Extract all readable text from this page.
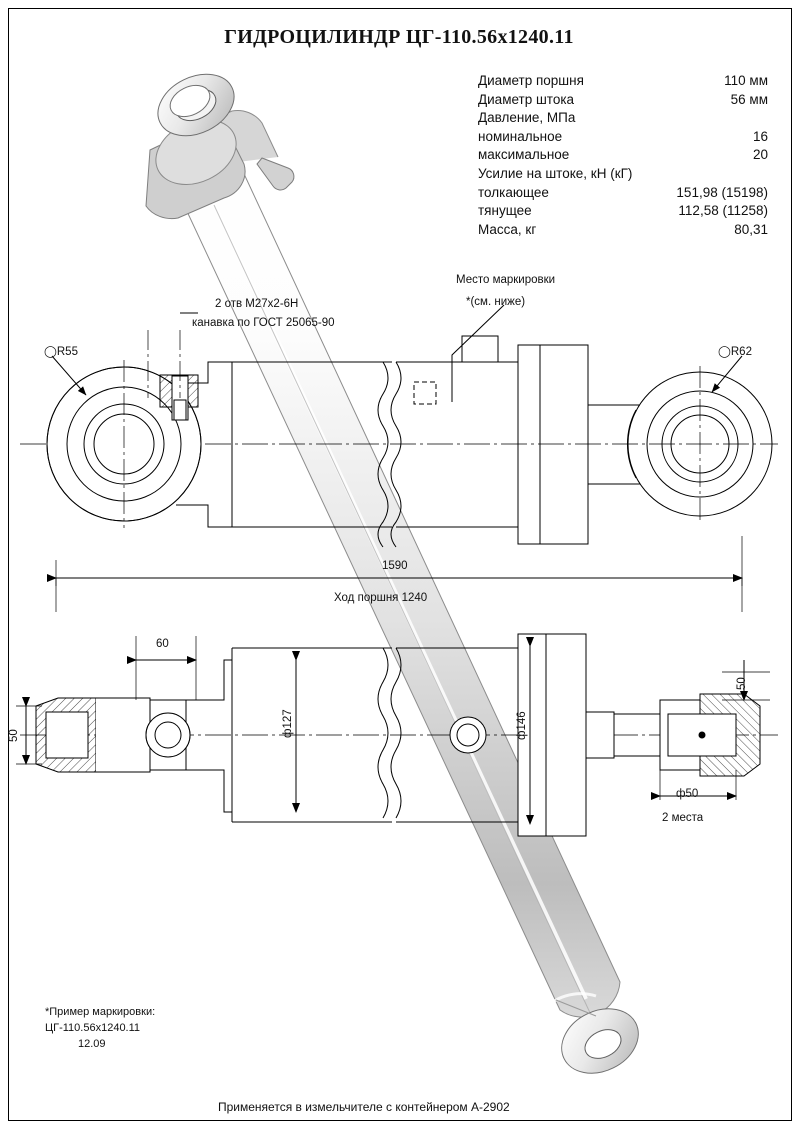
ГИДРОЦИЛИНДР ЦГ-110.56х1240.11
Диаметр поршня	110 мм
Диаметр штока	56 мм
Давление, МПа
номинальное	16
максимальное	20
Усилие на штоке, кН (кГ)
толкающее	151,98 (15198)
тянущее	112,58 (11258)
Масса, кг	80,31
2 отв М27х2-6Н
канавка по ГОСТ 25065-90
Место маркировки
*(см. ниже)
◯R55	◯R62
1590
Ход поршня 1240
60
50
50
ф127
ф146
ф50
2 места
*Пример маркировки:
ЦГ-110.56х1240.11
12.09
Применяется в измельчителе с контейнером А-2902
